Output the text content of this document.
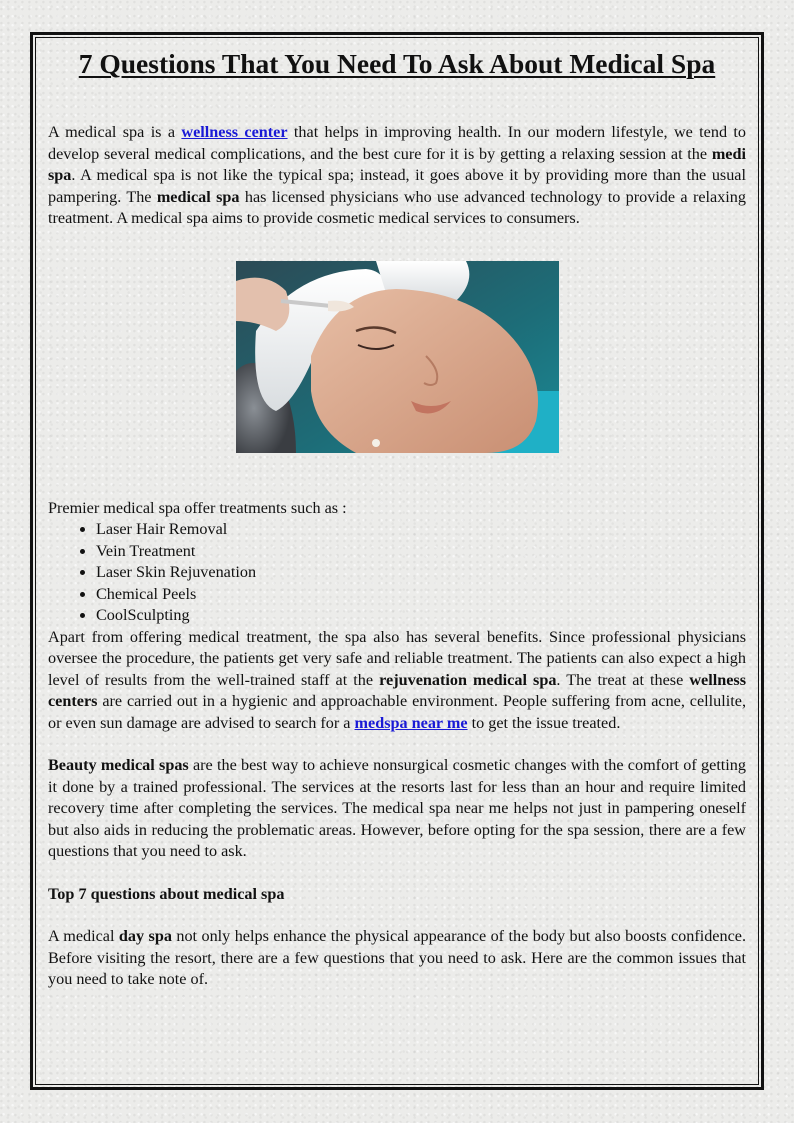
7 Questions That You Need To Ask About Medical Spa

A medical spa is a wellness center that helps in improving health. In our modern lifestyle, we tend to develop several medical complications, and the best cure for it is by getting a relaxing session at the medi spa. A medical spa is not like the typical spa; instead, it goes above it by providing more than the usual pampering. The medical spa has licensed physicians who use advanced technology to provide a relaxing treatment. A medical spa aims to provide cosmetic medical services to consumers.

Premier medical spa offer treatments such as :

• Laser Hair Removal
• Vein Treatment
• Laser Skin Rejuvenation
• Chemical Peels
• CoolSculpting

Apart from offering medical treatment, the spa also has several benefits. Since professional physicians oversee the procedure, the patients get very safe and reliable treatment. The patients can also expect a high level of results from the well-trained staff at the rejuvenation medical spa. The treat at these wellness centers are carried out in a hygienic and approachable environment. People suffering from acne, cellulite, or even sun damage are advised to search for a medspa near me to get the issue treated.

Beauty medical spas are the best way to achieve nonsurgical cosmetic changes with the comfort of getting it done by a trained professional. The services at the resorts last for less than an hour and require limited recovery time after completing the services. The medical spa near me helps not just in pampering oneself but also aids in reducing the problematic areas. However, before opting for the spa session, there are a few questions that you need to ask.

Top 7 questions about medical spa

A medical day spa not only helps enhance the physical appearance of the body but also boosts confidence. Before visiting the resort, there are a few questions that you need to ask. Here are the common issues that you need to take note of.
